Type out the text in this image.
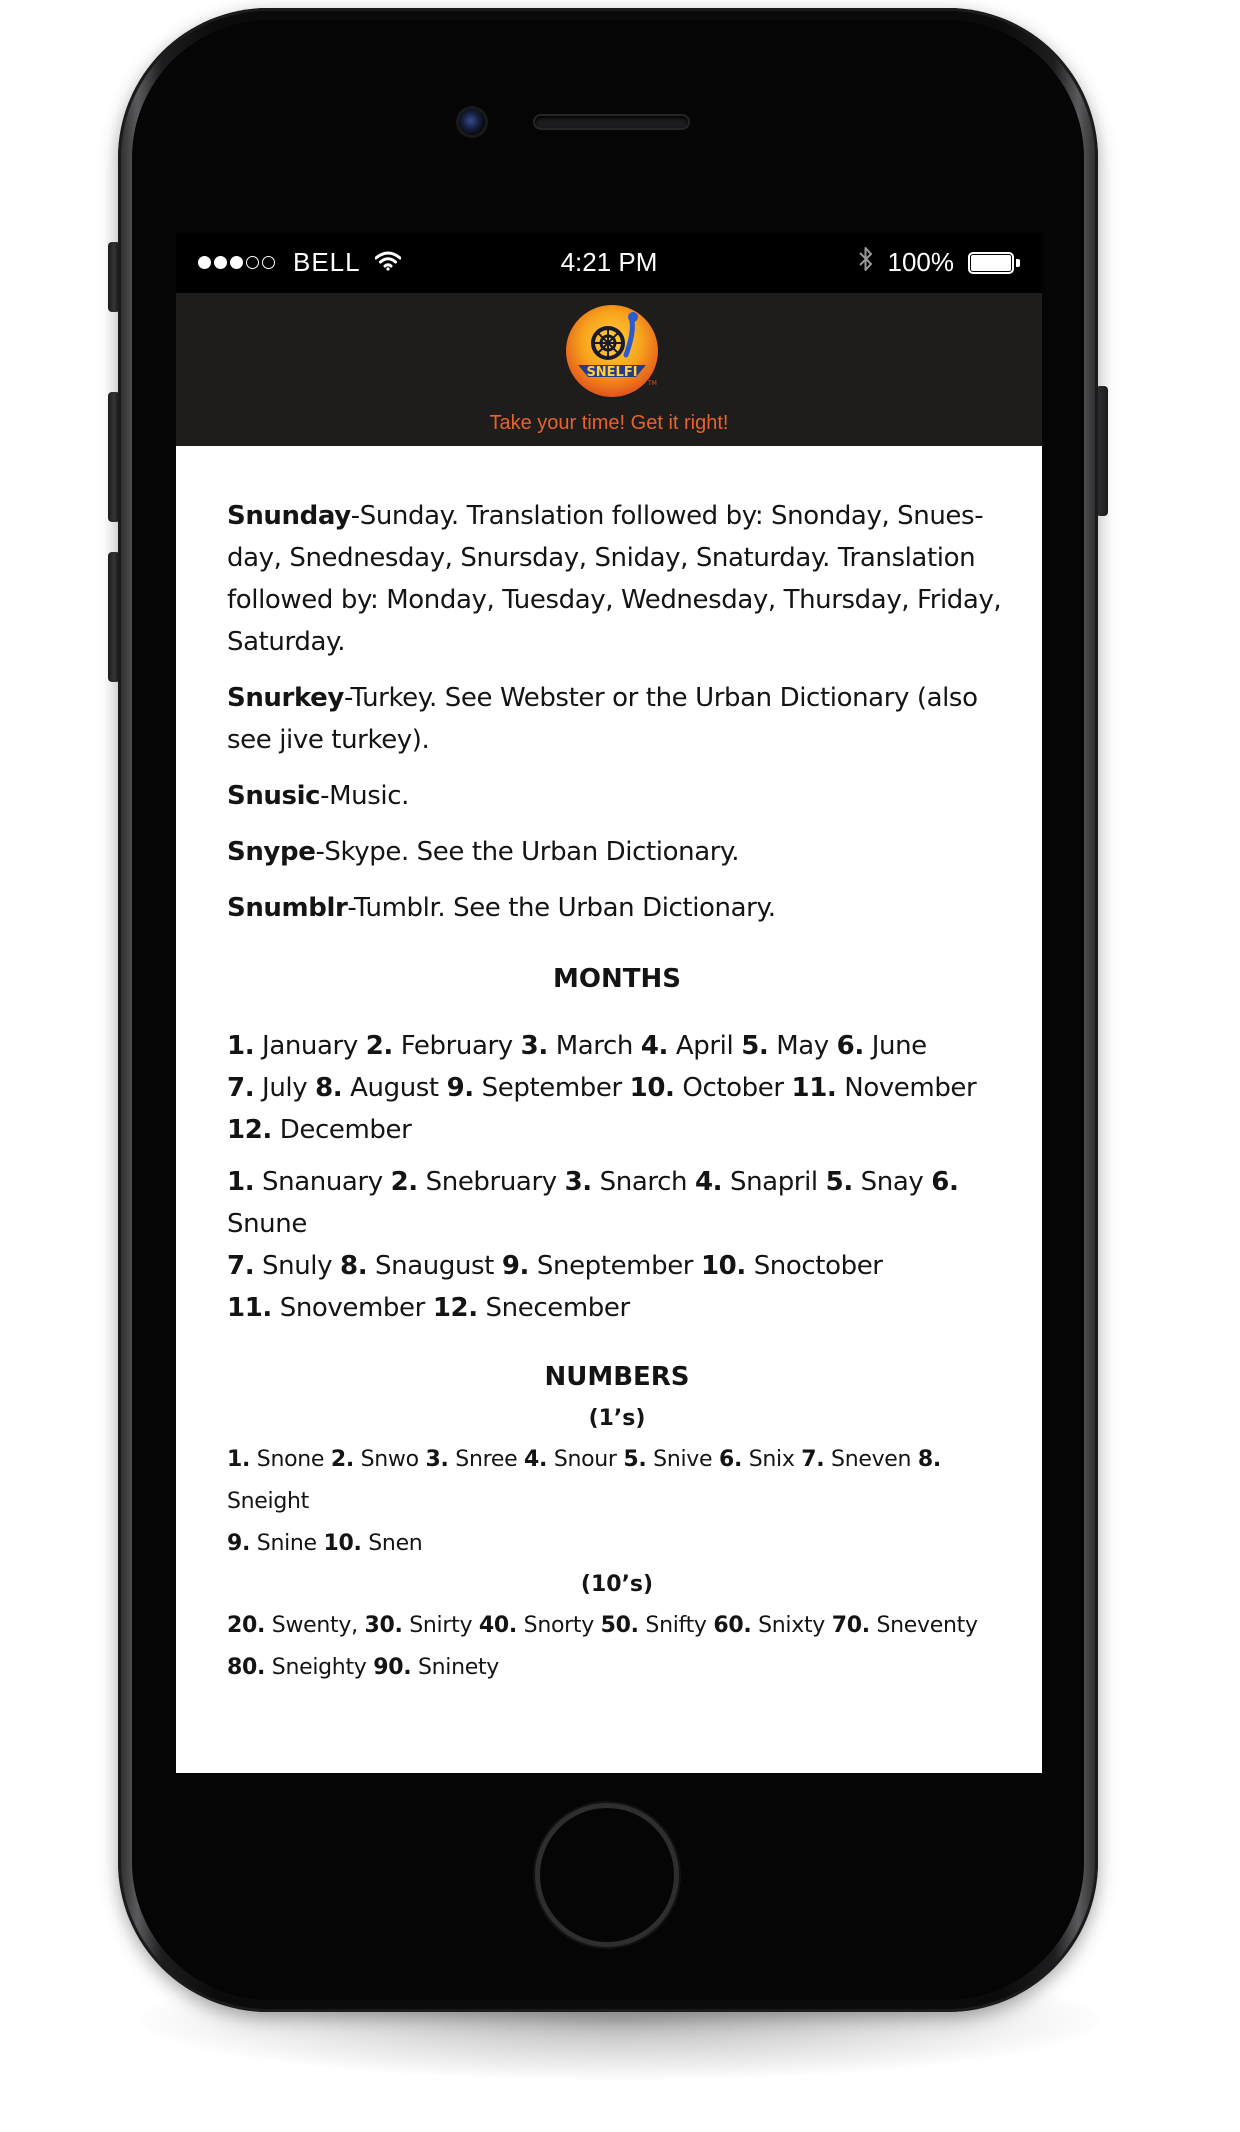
BELL	4:21 PM	100%
SNELFI
TM
Take your time! Get it right!

Snunday-Sunday. Translation followed by: Snonday, Snuesday, Snednesday, Snursday, Sniday, Snaturday. Translation followed by: Monday, Tuesday, Wednesday, Thursday, Friday, Saturday.

Snurkey-Turkey. See Webster or the Urban Dictionary (also see jive turkey).

Snusic-Music.

Snype-Skype. See the Urban Dictionary.

Snumblr-Tumblr. See the Urban Dictionary.

MONTHS
1. January 2. February 3. March 4. April 5. May 6. June
7. July 8. August 9. September 10. October 11. November
12. December
1. Snanuary 2. Snebruary 3. Snarch 4. Snapril 5. Snay 6. Snune
7. Snuly 8. Snaugust 9. Sneptember 10. Snoctober
11. Snovember 12. Snecember
NUMBERS
(1’s)
1. Snone 2. Snwo 3. Snree 4. Snour 5. Snive 6. Snix 7. Sneven 8. Sneight
9. Snine 10. Snen
(10’s)
20. Swenty, 30. Snirty 40. Snorty 50. Snifty 60. Snixty 70. Sneventy
80. Sneighty 90. Sninety
